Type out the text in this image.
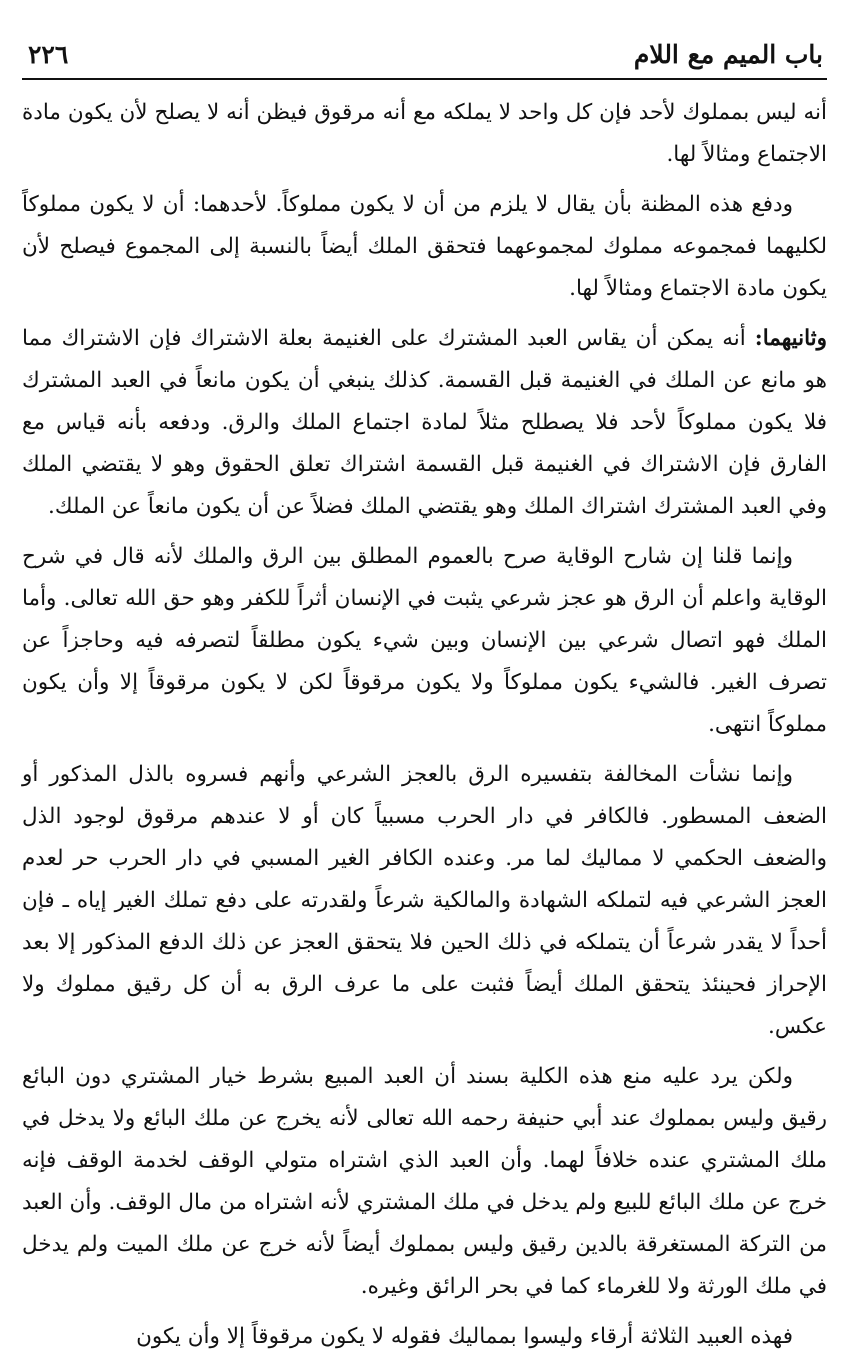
باب الميم مع اللام
٢٢٦

أنه ليس بمملوك لأحد فإن كل واحد لا يملكه مع أنه مرقوق فيظن أنه لا يصلح لأن يكون مادة الاجتماع ومثالاً لها.

ودفع هذه المظنة بأن يقال لا يلزم من أن لا يكون مملوكاً. لأحدهما: أن لا يكون مملوكاً لكليهما فمجموعه مملوك لمجموعهما فتحقق الملك أيضاً بالنسبة إلى المجموع فيصلح لأن يكون مادة الاجتماع ومثالاً لها.

وثانيهما: أنه يمكن أن يقاس العبد المشترك على الغنيمة بعلة الاشتراك فإن الاشتراك مما هو مانع عن الملك في الغنيمة قبل القسمة. كذلك ينبغي أن يكون مانعاً في العبد المشترك فلا يكون مملوكاً لأحد فلا يصطلح مثلاً لمادة اجتماع الملك والرق. ودفعه بأنه قياس مع الفارق فإن الاشتراك في الغنيمة قبل القسمة اشتراك تعلق الحقوق وهو لا يقتضي الملك وفي العبد المشترك اشتراك الملك وهو يقتضي الملك فضلاً عن أن يكون مانعاً عن الملك.

وإنما قلنا إن شارح الوقاية صرح بالعموم المطلق بين الرق والملك لأنه قال في شرح الوقاية واعلم أن الرق هو عجز شرعي يثبت في الإنسان أثراً للكفر وهو حق الله تعالى. وأما الملك فهو اتصال شرعي بين الإنسان وبين شيء يكون مطلقاً لتصرفه فيه وحاجزاً عن تصرف الغير. فالشيء يكون مملوكاً ولا يكون مرقوقاً لكن لا يكون مرقوقاً إلا وأن يكون مملوكاً انتهى.

وإنما نشأت المخالفة بتفسيره الرق بالعجز الشرعي وأنهم فسروه بالذل المذكور أو الضعف المسطور. فالكافر في دار الحرب مسبياً كان أو لا عندهم مرقوق لوجود الذل والضعف الحكمي لا مماليك لما مر. وعنده الكافر الغير المسبي في دار الحرب حر لعدم العجز الشرعي فيه لتملكه الشهادة والمالكية شرعاً ولقدرته على دفع تملك الغير إياه ـ فإن أحداً لا يقدر شرعاً أن يتملكه في ذلك الحين فلا يتحقق العجز عن ذلك الدفع المذكور إلا بعد الإحراز فحينئذ يتحقق الملك أيضاً فثبت على ما عرف الرق به أن كل رقيق مملوك ولا عكس.

ولكن يرد عليه منع هذه الكلية بسند أن العبد المبيع بشرط خيار المشتري دون البائع رقيق وليس بمملوك عند أبي حنيفة رحمه الله تعالى لأنه يخرج عن ملك البائع ولا يدخل في ملك المشتري عنده خلافاً لهما. وأن العبد الذي اشتراه متولي الوقف لخدمة الوقف فإنه خرج عن ملك البائع للبيع ولم يدخل في ملك المشتري لأنه اشتراه من مال الوقف. وأن العبد من التركة المستغرقة بالدين رقيق وليس بمملوك أيضاً لأنه خرج عن ملك الميت ولم يدخل في ملك الورثة ولا للغرماء كما في بحر الرائق وغيره.

فهذه العبيد الثلاثة أرقاء وليسوا بمماليك فقوله لا يكون مرقوقاً إلا وأن يكون
